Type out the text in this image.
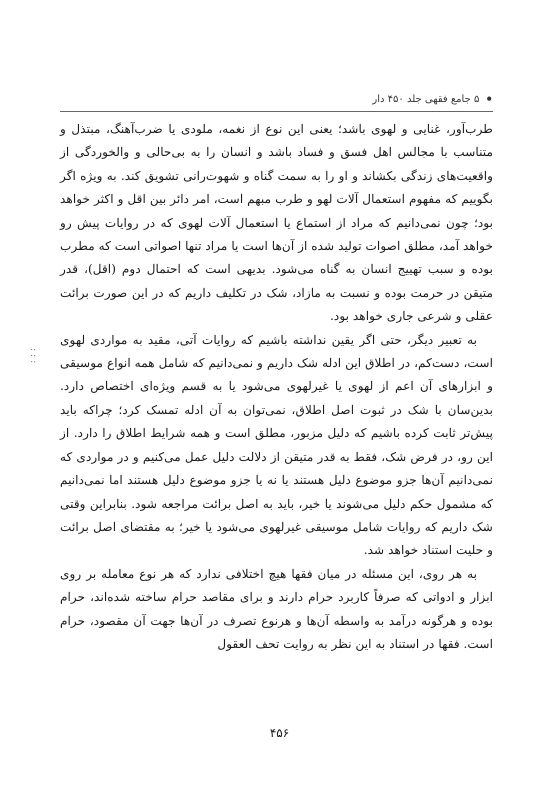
•
۵ جامع فقهی جلد ۴۵۰ دار

طرب‌آور، غنایی و لهوی باشد؛ یعنی این نوع از نغمه، ملودی یا ضرب‌آهنگ، مبتذل و متناسب با مجالس اهل فسق و فساد باشد و انسان را به بی‌حالی و والخوردگی از واقعیت‌های زندگی بکشاند و او را به سمت گناه و شهوت‌رانی تشویق کند. به ویژه اگر بگوییم که مفهوم استعمال آلات لهو و طرب مبهم است، امر دائر بین اقل و اکثر خواهد بود؛ چون نمی‌دانیم که مراد از استماع یا استعمال آلات لهوی که در روایات پیش رو خواهد آمد، مطلق اصوات تولید شده از آن‌ها است یا مراد تنها اصواتی است که مطرب بوده و سبب تهییج انسان به گناه می‌شود. بدیهی است که احتمال دوم (اقل)، قدر متیقن در حرمت بوده و نسبت به مازاد، شک در تکلیف داریم که در این صورت برائت عقلی و شرعی جاری خواهد بود.

به تعبیر دیگر، حتی اگر یقین نداشته باشیم که روایات آتی، مقید به مواردی لهوی است، دست‌کم، در اطلاق این ادله شک داریم و نمی‌دانیم که شامل همه انواع موسیقی و ابزارهای آن اعم از لهوی یا غیرلهوی می‌شود یا به قسم ویژه‌ای اختصاص دارد. بدین‌سان با شک در ثبوت اصل اطلاق، نمی‌توان به آن ادله تمسک کرد؛ چراکه باید پیش‌تر ثابت کرده باشیم که دلیل مزبور، مطلق است و همه شرایط اطلاق را دارد. از این رو، در فرض شک، فقط به قدر متیقن از دلالت دلیل عمل می‌کنیم و در مواردی که نمی‌دانیم آن‌ها جزو موضوع دلیل هستند یا نه یا جزو موضوع دلیل هستند اما نمی‌دانیم که مشمول حکم دلیل می‌شوند یا خیر، باید به اصل برائت مراجعه شود. بنابراین وقتی شک داریم که روایات شامل موسیقی غیرلهوی می‌شود یا خیر؛ به مقتضای اصل برائت و حلیت استناد خواهد شد.

به هر روی، این مسئله در میان فقها هیچ اختلافی ندارد که هر نوع معامله بر روی ابزار و ادواتی که صرفاً کاربرد حرام دارند و برای مقاصد حرام ساخته شده‌اند، حرام بوده و هرگونه درآمد به واسطه آن‌ها و هرنوع تصرف در آن‌ها جهت آن مقصود، حرام است. فقها در استناد به این نظر به روایت تحف العقول

:::
۴۵۶
